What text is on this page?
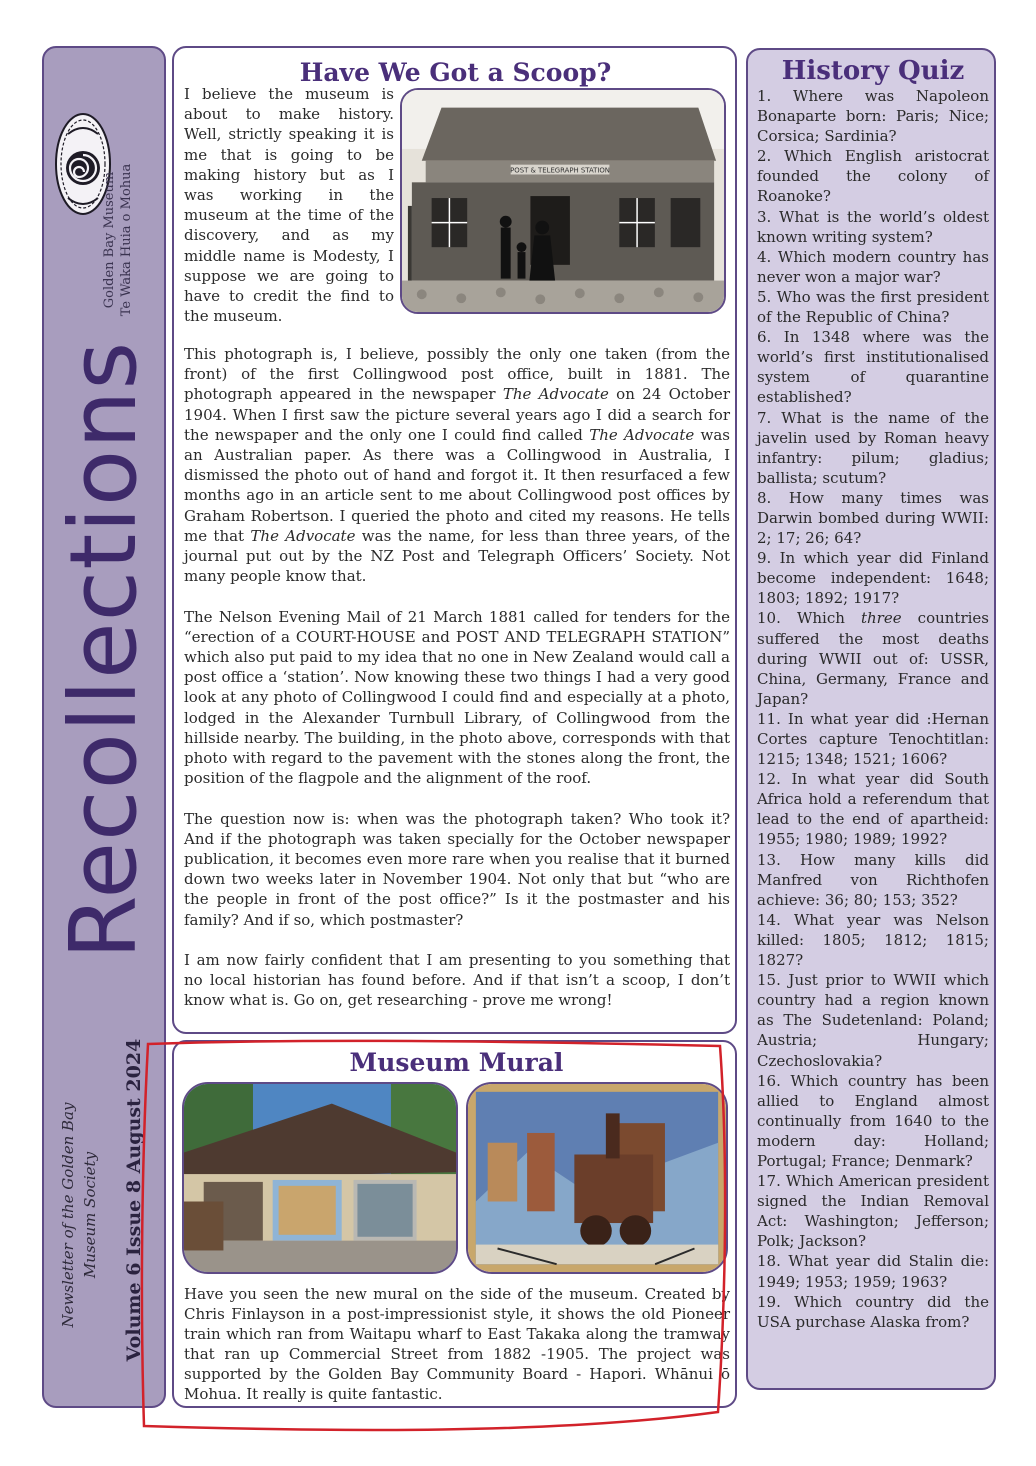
Golden Bay Museum Te Waka Huia o Mohua
Recollections
Volume 6 Issue 8 August 2024
Newsletter of the Golden Bay Museum Society
Have We Got a Scoop?
I believe the museum is about to make history. Well, strictly speaking it is me that is going to be making history but as I was working in the museum at the time of the discovery, and as my middle name is Modesty, I suppose we are going to have to credit the find to the museum.
POST & TELEGRAPH STATION

This photograph is, I believe, possibly the only one taken (from the front) of the first Collingwood post office, built in 1881. The photograph appeared in the newspaper The Advocate on 24 October 1904. When I first saw the picture several years ago I did a search for the newspaper and the only one I could find called The Advocate was an Australian paper. As there was a Collingwood in Australia, I dismissed the photo out of hand and forgot it. It then resurfaced a few months ago in an article sent to me about Collingwood post offices by Graham Robertson. I queried the photo and cited my reasons. He tells me that The Advocate was the name, for less than three years, of the journal put out by the NZ Post and Telegraph Officers’ Society. Not many people know that.

The Nelson Evening Mail of 21 March 1881 called for tenders for the “erection of a COURT-HOUSE and POST AND TELEGRAPH STATION” which also put paid to my idea that no one in New Zealand would call a post office a ‘station’. Now knowing these two things I had a very good look at any photo of Collingwood I could find and especially at a photo, lodged in the Alexander Turnbull Library, of Collingwood from the hillside nearby. The building, in the photo above, corresponds with that photo with regard to the pavement with the stones along the front, the position of the flagpole and the alignment of the roof.

The question now is: when was the photograph taken? Who took it? And if the photograph was taken specially for the October newspaper publication, it becomes even more rare when you realise that it burned down two weeks later in November 1904. Not only that but “who are the people in front of the post office?” Is it the postmaster and his family? And if so, which postmaster?

I am now fairly confident that I am presenting to you something that no local historian has found before. And if that isn’t a scoop, I don’t know what is. Go on, get researching - prove me wrong!

Museum Mural
Have you seen the new mural on the side of the museum. Created by Chris Finlayson in a post-impressionist style, it shows the old Pioneer train which ran from Waitapu wharf to East Takaka along the tramway that ran up Commercial Street from 1882 -1905. The project was supported by the Golden Bay Community Board - Hapori. Whānui ō Mohua. It really is quite fantastic.
History Quiz
1. Where was Napoleon Bonaparte born: Paris; Nice; Corsica; Sardinia?
2. Which English aristocrat founded the colony of Roanoke?
3. What is the world’s oldest known writing system?
4. Which modern country has never won a major war?
5. Who was the first president of the Republic of China?
6. In 1348 where was the world’s first institutionalised system of quarantine established?
7. What is the name of the javelin used by Roman heavy infantry: pilum; gladius; ballista; scutum?
8. How many times was Darwin bombed during WWII: 2; 17; 26; 64?
9. In which year did Finland become independent: 1648; 1803; 1892; 1917?
10. Which three countries suffered the most deaths during WWII out of: USSR, China, Germany, France and Japan?
11. In what year did :Hernan Cortes capture Tenochtitlan: 1215; 1348; 1521; 1606?
12. In what year did South Africa hold a referendum that lead to the end of apartheid: 1955; 1980; 1989; 1992?
13. How many kills did Manfred von Richthofen achieve: 36; 80; 153; 352?
14. What year was Nelson killed: 1805; 1812; 1815; 1827?
15. Just prior to WWII which country had a region known as The Sudetenland: Poland; Austria; Hungary; Czechoslovakia?
16. Which country has been allied to England almost continually from 1640 to the modern day: Holland; Portugal; France; Denmark?
17. Which American president signed the Indian Removal Act: Washington; Jefferson; Polk; Jackson?
18. What year did Stalin die: 1949; 1953; 1959; 1963?
19. Which country did the USA purchase Alaska from?
